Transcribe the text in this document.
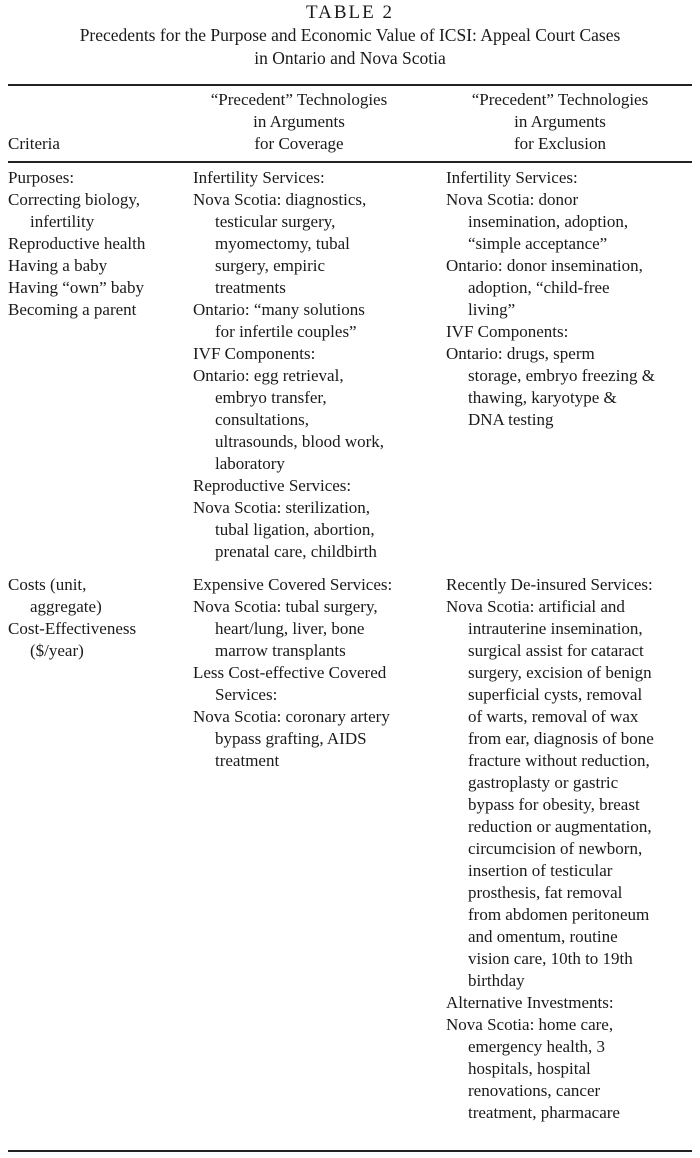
TABLE 2
Precedents for the Purpose and Economic Value of ICSI: Appeal Court Cases
in Ontario and Nova Scotia
Criteria
“Precedent” Technologies
in Arguments
for Coverage
“Precedent” Technologies
in Arguments
for Exclusion
Purposes:
Correcting biology,
infertility
Reproductive health
Having a baby
Having “own” baby
Becoming a parent
Infertility Services:
Nova Scotia: diagnostics,
testicular surgery,
myomectomy, tubal
surgery, empiric
treatments
Ontario: “many solutions
for infertile couples”
IVF Components:
Ontario: egg retrieval,
embryo transfer,
consultations,
ultrasounds, blood work,
laboratory
Reproductive Services:
Nova Scotia: sterilization,
tubal ligation, abortion,
prenatal care, childbirth
Infertility Services:
Nova Scotia: donor
insemination, adoption,
“simple acceptance”
Ontario: donor insemination,
adoption, “child-free
living”
IVF Components:
Ontario: drugs, sperm
storage, embryo freezing &
thawing, karyotype &
DNA testing
Costs (unit,
aggregate)
Cost-Effectiveness
($/year)
Expensive Covered Services:
Nova Scotia: tubal surgery,
heart/lung, liver, bone
marrow transplants
Less Cost-effective Covered
Services:
Nova Scotia: coronary artery
bypass grafting, AIDS
treatment
Recently De-insured Services:
Nova Scotia: artificial and
intrauterine insemination,
surgical assist for cataract
surgery, excision of benign
superficial cysts, removal
of warts, removal of wax
from ear, diagnosis of bone
fracture without reduction,
gastroplasty or gastric
bypass for obesity, breast
reduction or augmentation,
circumcision of newborn,
insertion of testicular
prosthesis, fat removal
from abdomen peritoneum
and omentum, routine
vision care, 10th to 19th
birthday
Alternative Investments:
Nova Scotia: home care,
emergency health, 3
hospitals, hospital
renovations, cancer
treatment, pharmacare
